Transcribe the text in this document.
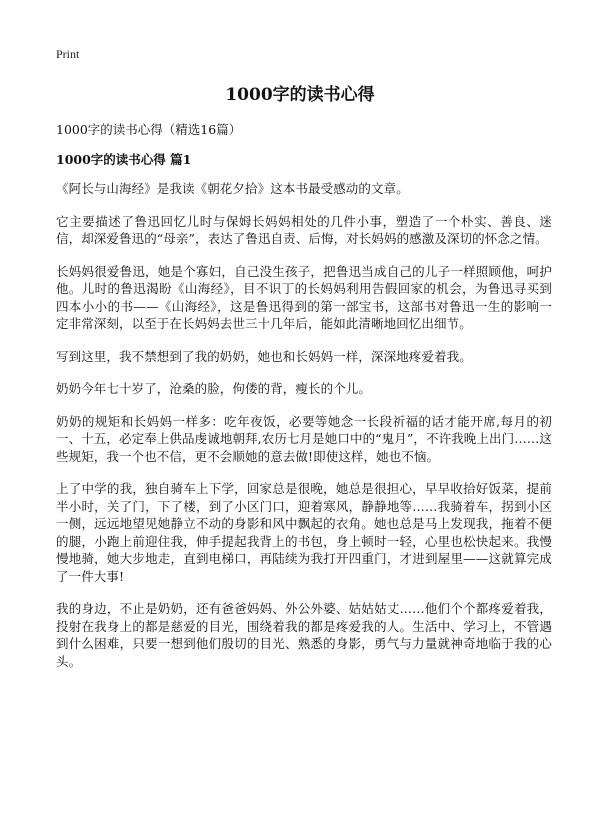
Print
1000字的读书心得

1000字的读书心得（精选16篇）

1000字的读书心得 篇1

《阿长与山海经》是我读《朝花夕拾》这本书最受感动的文章。

它主要描述了鲁迅回忆儿时与保姆长妈妈相处的几件小事，塑造了一个朴实、善良、迷信，却深爱鲁迅的“母亲”，表达了鲁迅自责、后悔，对长妈妈的感激及深切的怀念之情。

长妈妈很爱鲁迅，她是个寡妇，自己没生孩子，把鲁迅当成自己的儿子一样照顾他，呵护他。儿时的鲁迅渴盼《山海经》，目不识丁的长妈妈利用告假回家的机会，为鲁迅寻买到四本小小的书——《山海经》，这是鲁迅得到的第一部宝书，这部书对鲁迅一生的影响一定非常深刻，以至于在长妈妈去世三十几年后，能如此清晰地回忆出细节。

写到这里，我不禁想到了我的奶奶，她也和长妈妈一样，深深地疼爱着我。

奶奶今年七十岁了，沧桑的脸，佝偻的背，瘦长的个儿。

奶奶的规矩和长妈妈一样多：吃年夜饭，必要等她念一长段祈福的话才能开席,每月的初一、十五，必定奉上供品虔诚地朝拜,农历七月是她口中的“鬼月”，不许我晚上出门……这些规矩，我一个也不信，更不会顺她的意去做!即使这样，她也不恼。

上了中学的我，独自骑车上下学，回家总是很晚，她总是很担心，早早收拾好饭菜，提前半小时，关了门，下了楼，到了小区门口，迎着寒风，静静地等……我骑着车，拐到小区一侧，远远地望见她静立不动的身影和风中飘起的衣角。她也总是马上发现我，拖着不便的腿，小跑上前迎住我，伸手提起我背上的书包，身上顿时一轻，心里也松快起来。我慢慢地骑，她大步地走，直到电梯口，再陆续为我打开四重门，才进到屋里——这就算完成了一件大事!

我的身边，不止是奶奶，还有爸爸妈妈、外公外婆、姑姑姑丈……他们个个都疼爱着我，投射在我身上的都是慈爱的目光，围绕着我的都是疼爱我的人。生活中、学习上，不管遇到什么困难，只要一想到他们殷切的目光、熟悉的身影，勇气与力量就神奇地临于我的心头。
